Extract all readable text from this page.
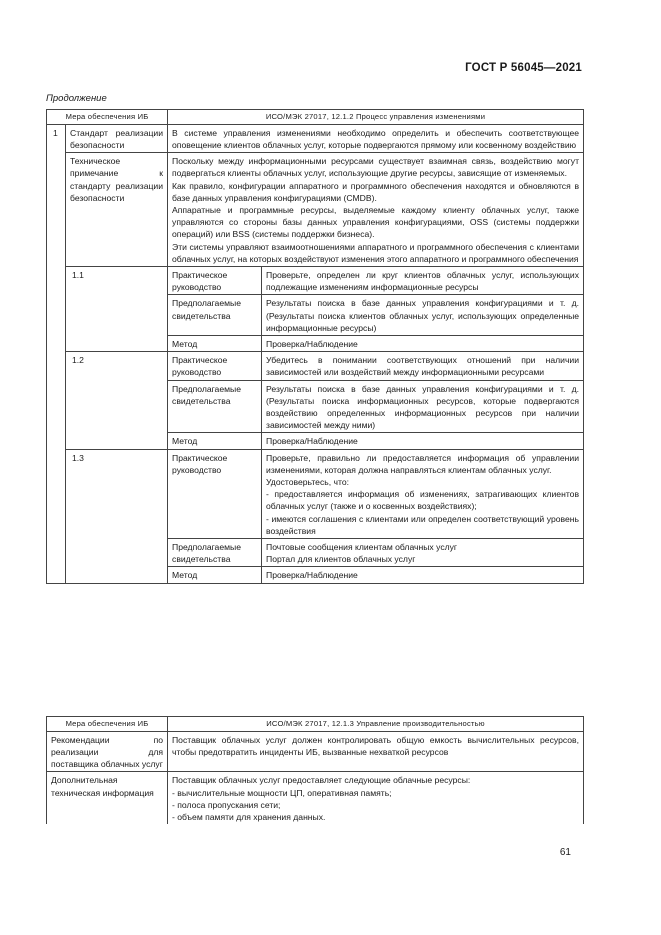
ГОСТ Р 56045—2021
Продолжение
Мера обеспечения ИБ		ИСО/МЭК 27017, 12.1.2 Процесс управления изменениями	
1	Стандарт реализации безопасности	В системе управления изменениями необходимо определить и обеспечить соответствующее оповещение клиентов облачных услуг, которые подвергаются прямому или косвенному воздействию	
	Техническое примечание к стандарту реализации безопасности	Поскольку между информационными ресурсами существует взаимная связь, воздействию могут подвергаться клиенты облачных услуг, использующие другие ресурсы, зависящие от изменяемых.
Как правило, конфигурации аппаратного и программного обеспечения находятся и обновляются в базе данных управления конфигурациями (CMDB).
Аппаратные и программные ресурсы, выделяемые каждому клиенту облачных услуг, также управляются со стороны базы данных управления конфигурациями, OSS (системы поддержки операций) или BSS (системы поддержки бизнеса).
Эти системы управляют взаимоотношениями аппаратного и программного обеспечения с клиентами облачных услуг, на которых воздействуют изменения этого аппаратного и программного обеспечения	

	1.1	Практическое руководство	Проверьте, определен ли круг клиентов облачных услуг, использующих подлежащие изменениям информационные ресурсы

		Предполагаемые свидетельства	Результаты поиска в базе данных управления конфигурациями и т. д. (Результаты поиска клиентов облачных услуг, использующих определенные информационные ресурсы)

		Метод	Проверка/Наблюдение
	1.2	Практическое руководство	Убедитесь в понимании соответствующих отношений при наличии зависимостей или воздействий между информационными ресурсами

		Предполагаемые свидетельства	Результаты поиска в базе данных управления конфигурациями и т. д. (Результаты поиска информационных ресурсов, которые подвергаются воздействию определенных информационных ресурсов при наличии зависимостей между ними)

		Метод	Проверка/Наблюдение
	1.3	Практическое руководство	Проверьте, правильно ли предоставляется информация об управлении изменениями, которая должна направляться клиентам облачных услуг.
Удостоверьтесь, что:
- предоставляется информация об изменениях, затрагивающих клиентов облачных услуг (также и о косвенных воздействиях);
- имеются соглашения с клиентами или определен соответствующий уровень воздействия

		Предполагаемые свидетельства	Почтовые сообщения клиентам облачных услуг
Портал для клиентов облачных услуг

		Метод	Проверка/Наблюдение
Мера обеспечения ИБ	ИСО/МЭК 27017, 12.1.3 Управление производительностью
Рекомендации по реализации для поставщика облачных услуг	Поставщик облачных услуг должен контролировать общую емкость вычислительных ресурсов, чтобы предотвратить инциденты ИБ, вызванные нехваткой ресурсов
Дополнительная техническая информация	Поставщик облачных услуг предоставляет следующие облачные ресурсы:
- вычислительные мощности ЦП, оперативная память;
- полоса пропускания сети;
- объем памяти для хранения данных.
61
